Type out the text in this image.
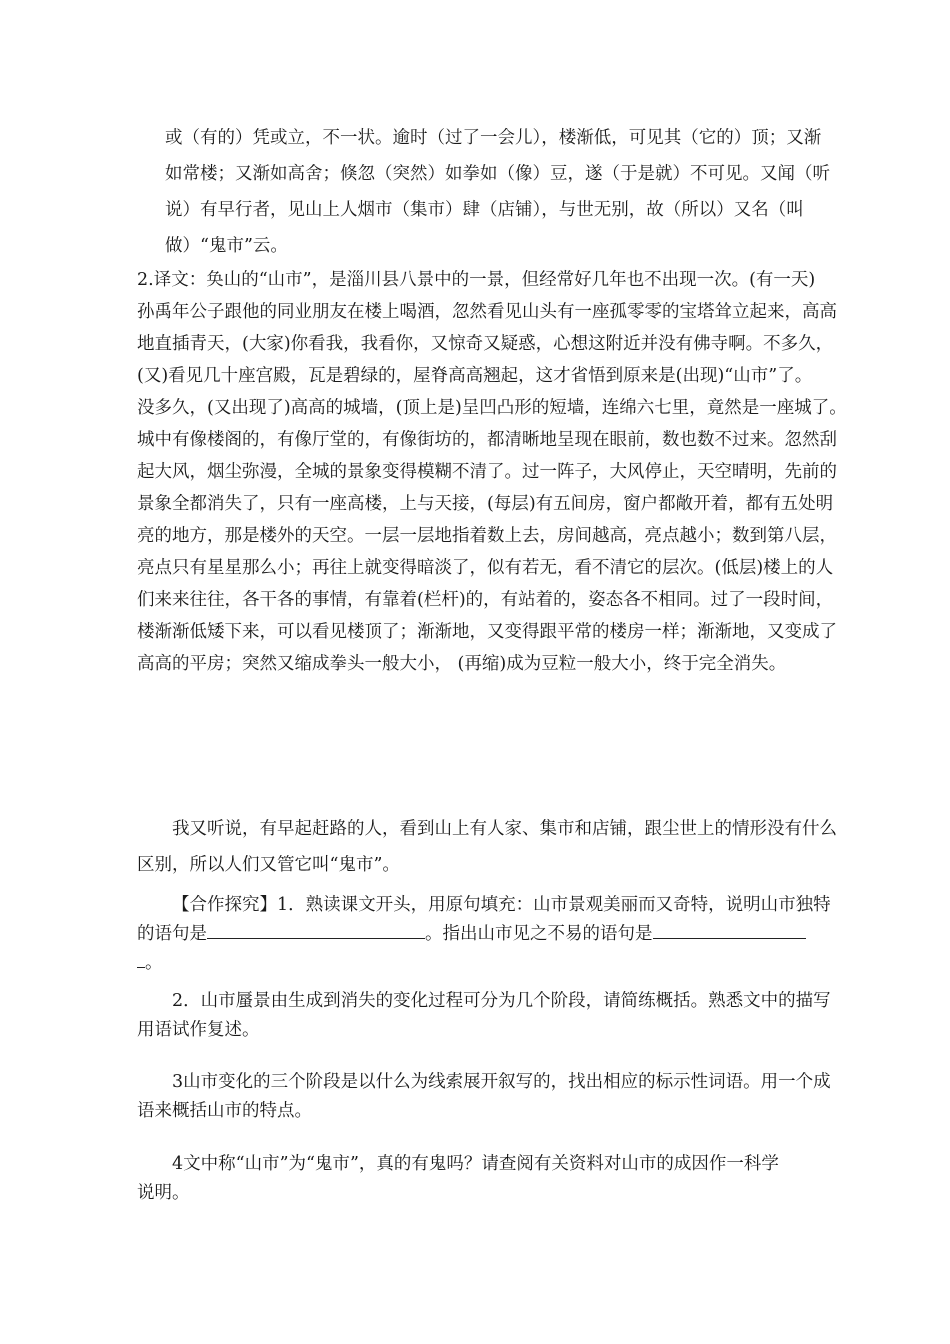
或（有的）凭或立，不一状。逾时（过了一会儿），楼渐低，可见其（它的）顶；又渐
如常楼；又渐如高舍；倏忽（突然）如拳如（像）豆，遂（于是就）不可见。又闻（听
说）有早行者，见山上人烟市（集市）肆（店铺），与世无别，故（所以）又名（叫
做）“鬼市”云。
2.译文：奂山的“山市”，是淄川县八景中的一景，但经常好几年也不出现一次。(有一天)
孙禹年公子跟他的同业朋友在楼上喝酒，忽然看见山头有一座孤零零的宝塔耸立起来，高高
地直插青天，(大家)你看我，我看你，又惊奇又疑惑，心想这附近并没有佛寺啊。不多久，
(又)看见几十座宫殿，瓦是碧绿的，屋脊高高翘起，这才省悟到原来是(出现)“山市”了。
没多久，(又出现了)高高的城墙，(顶上是)呈凹凸形的短墙，连绵六七里，竟然是一座城了。
城中有像楼阁的，有像厅堂的，有像街坊的，都清晰地呈现在眼前，数也数不过来。忽然刮
起大风，烟尘弥漫，全城的景象变得模糊不清了。过一阵子，大风停止，天空晴明，先前的
景象全都消失了，只有一座高楼，上与天接，(每层)有五间房，窗户都敞开着，都有五处明
亮的地方，那是楼外的天空。一层一层地指着数上去，房间越高，亮点越小；数到第八层，
亮点只有星星那么小；再往上就变得暗淡了，似有若无，看不清它的层次。(低层)楼上的人
们来来往往，各干各的事情，有靠着(栏杆)的，有站着的，姿态各不相同。过了一段时间，
楼渐渐低矮下来，可以看见楼顶了；渐渐地，又变得跟平常的楼房一样；渐渐地，又变成了
高高的平房；突然又缩成拳头一般大小， (再缩)成为豆粒一般大小，终于完全消失。
我又听说，有早起赶路的人，看到山上有人家、集市和店铺，跟尘世上的情形没有什么
区别，所以人们又管它叫“鬼市”。
【合作探究】1．熟读课文开头，用原句填充：山市景观美丽而又奇特，说明山市独特
的语句是	。指出山市见之不易的语句是
。
2．山市蜃景由生成到消失的变化过程可分为几个阶段，请简练概括。熟悉文中的描写
用语试作复述。
3山市变化的三个阶段是以什么为线索展开叙写的，找出相应的标示性词语。用一个成
语来概括山市的特点。
4文中称“山市”为“鬼市”，真的有鬼吗？请查阅有关资料对山市的成因作一科学
说明。
